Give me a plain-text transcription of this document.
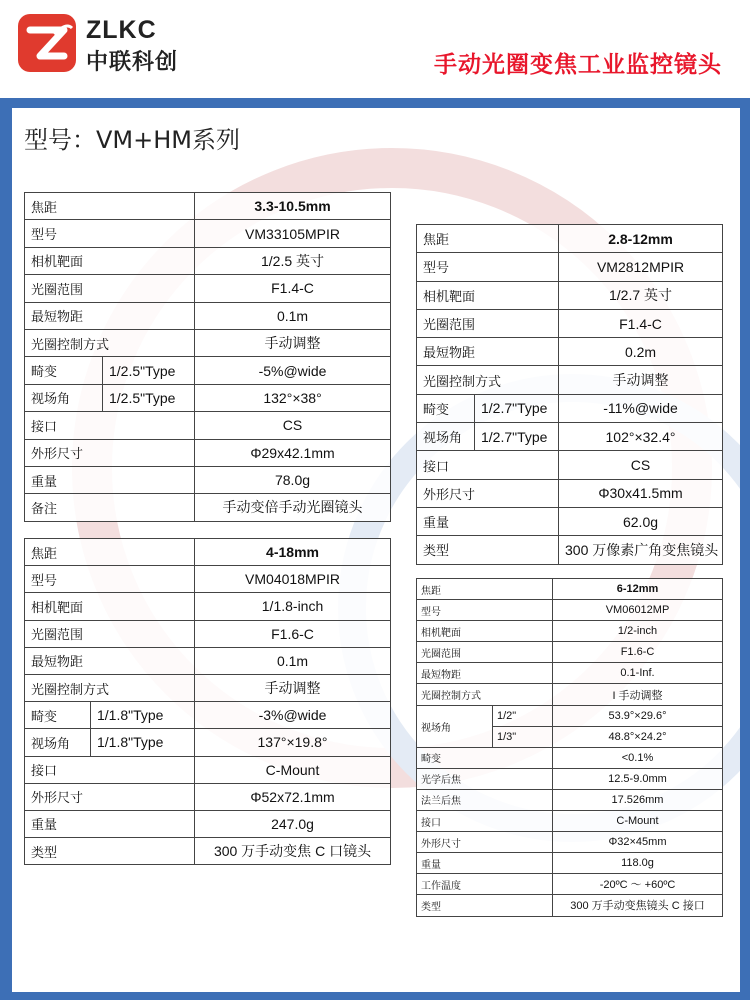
ZLKC
中联科创	手动光圈变焦工业监控镜头
型号：VM+HM系列
焦距		3.3-10.5mm
型号		VM33105MPIR
相机靶面		1/2.5 英寸
光圈范围		F1.4-C
最短物距		0.1m
光圈控制方式		手动调整
畸变	1/2.5"Type	-5%@wide
视场角	1/2.5"Type	132°×38°
接口		CS
外形尺寸		Φ29x42.1mm
重量		78.0g
备注		手动变倍手动光圈镜头
焦距		2.8-12mm
型号		VM2812MPIR
相机靶面		1/2.7 英寸
光圈范围		F1.4-C
最短物距		0.2m
光圈控制方式		手动调整
畸变	1/2.7"Type	-11%@wide
视场角	1/2.7"Type	102°×32.4°
接口		CS
外形尺寸		Φ30x41.5mm
重量		62.0g
类型		300 万像素广角变焦镜头
焦距		4-18mm
型号		VM04018MPIR
相机靶面		1/1.8-inch
光圈范围		F1.6-C
最短物距		0.1m
光圈控制方式		手动调整
畸变	1/1.8"Type	-3%@wide
视场角	1/1.8"Type	137°×19.8°
接口		C-Mount
外形尺寸		Φ52x72.1mm
重量		247.0g
类型		300 万手动变焦 C 口镜头
焦距		6-12mm
型号		VM06012MP
相机靶面		1/2-inch
光圈范围		F1.6-C
最短物距		0.1-Inf.
光圈控制方式		I 手动调整
视场角	1/2"	53.9°×29.6°
	1/3"	48.8°×24.2°
畸变		<0.1%
光学后焦		12.5-9.0mm
法兰后焦		17.526mm
接口		C-Mount
外形尺寸		Φ32×45mm
重量		118.0g
工作温度		-20ºC ～ +60ºC
类型		300 万手动变焦镜头 C 接口
